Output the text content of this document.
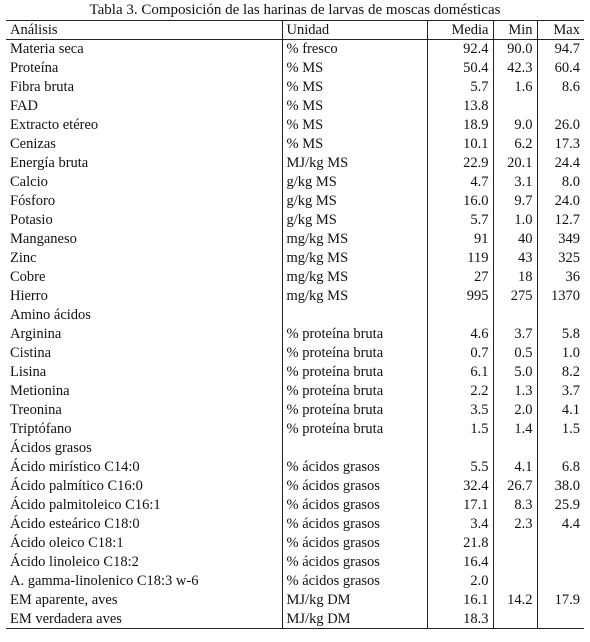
Tabla 3. Composición de las harinas de larvas de moscas domésticas
Análisis	Unidad	Media	Min	Max
Materia seca	% fresco	92.4	90.0	94.7
Proteína	% MS	50.4	42.3	60.4
Fibra bruta	% MS	5.7	1.6	8.6
FAD	% MS	13.8		
Extracto etéreo	% MS	18.9	9.0	26.0
Cenizas	% MS	10.1	6.2	17.3
Energía bruta	MJ/kg MS	22.9	20.1	24.4
Calcio	g/kg MS	4.7	3.1	8.0
Fósforo	g/kg MS	16.0	9.7	24.0
Potasio	g/kg MS	5.7	1.0	12.7
Manganeso	mg/kg MS	91	40	349
Zinc	mg/kg MS	119	43	325
Cobre	mg/kg MS	27	18	36
Hierro	mg/kg MS	995	275	1370
Amino ácidos				
Arginina	% proteína bruta	4.6	3.7	5.8
Cistina	% proteína bruta	0.7	0.5	1.0
Lisina	% proteína bruta	6.1	5.0	8.2
Metionina	% proteína bruta	2.2	1.3	3.7
Treonina	% proteína bruta	3.5	2.0	4.1
Triptófano	% proteína bruta	1.5	1.4	1.5
Ácidos grasos				
Ácido mirístico C14:0	% ácidos grasos	5.5	4.1	6.8
Ácido palmítico C16:0	% ácidos grasos	32.4	26.7	38.0
Ácido palmitoleico C16:1	% ácidos grasos	17.1	8.3	25.9
Ácido esteárico C18:0	% ácidos grasos	3.4	2.3	4.4
Ácido oleico C18:1	% ácidos grasos	21.8		
Ácido linoleico C18:2	% ácidos grasos	16.4		
A. gamma-linolenico C18:3 w-6	% ácidos grasos	2.0		
EM aparente, aves	MJ/kg DM	16.1	14.2	17.9
EM verdadera aves	MJ/kg DM	18.3		
